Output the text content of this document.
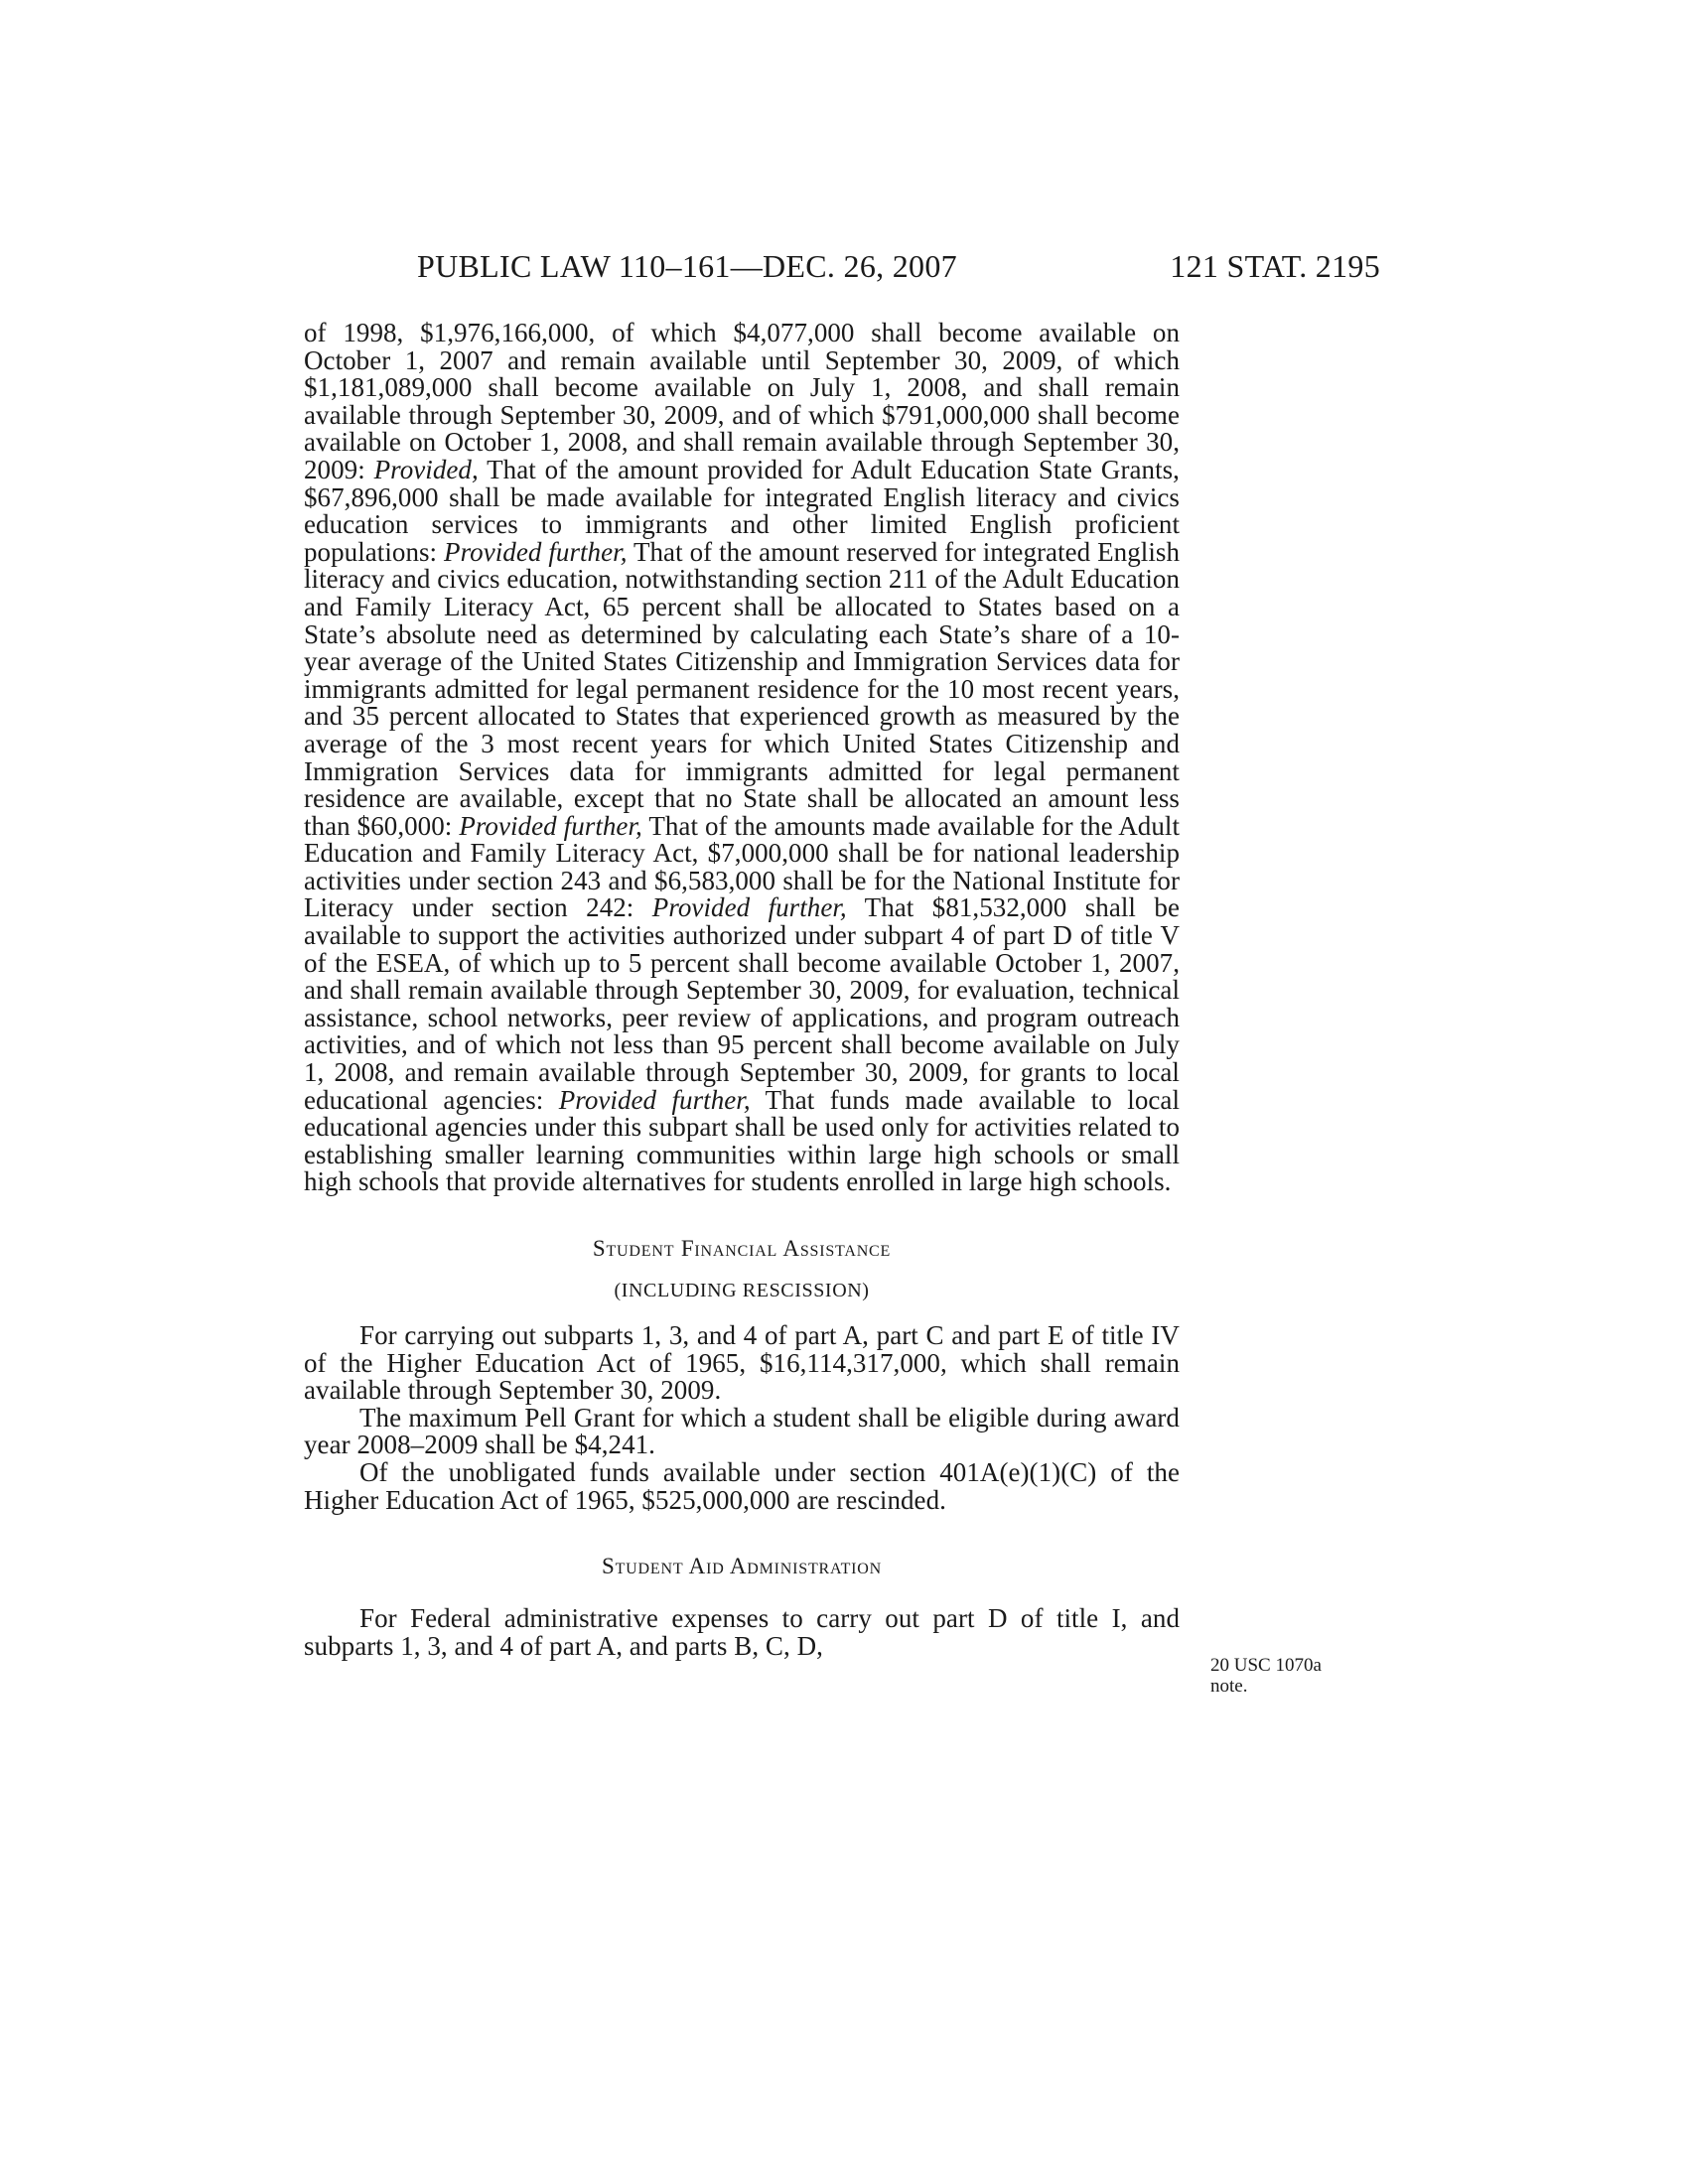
PUBLIC LAW 110–161—DEC. 26, 2007	121 STAT. 2195

of 1998, $1,976,166,000, of which $4,077,000 shall become available on October 1, 2007 and remain available until September 30, 2009, of which $1,181,089,000 shall become available on July 1, 2008, and shall remain available through September 30, 2009, and of which $791,000,000 shall become available on October 1, 2008, and shall remain available through September 30, 2009: Provided, That of the amount provided for Adult Education State Grants, $67,896,000 shall be made available for integrated English literacy and civics education services to immigrants and other limited English proficient populations: Provided further, That of the amount reserved for integrated English literacy and civics education, notwithstanding section 211 of the Adult Education and Family Literacy Act, 65 percent shall be allocated to States based on a State’s absolute need as determined by calculating each State’s share of a 10-year average of the United States Citizenship and Immigration Services data for immigrants admitted for legal permanent residence for the 10 most recent years, and 35 percent allocated to States that experienced growth as measured by the average of the 3 most recent years for which United States Citizenship and Immigration Services data for immigrants admitted for legal permanent residence are available, except that no State shall be allocated an amount less than $60,000: Provided further, That of the amounts made available for the Adult Education and Family Literacy Act, $7,000,000 shall be for national leadership activities under section 243 and $6,583,000 shall be for the National Institute for Literacy under section 242: Provided further, That $81,532,000 shall be available to support the activities authorized under subpart 4 of part D of title V of the ESEA, of which up to 5 percent shall become available October 1, 2007, and shall remain available through September 30, 2009, for evaluation, technical assistance, school networks, peer review of applications, and program outreach activities, and of which not less than 95 percent shall become available on July 1, 2008, and remain available through September 30, 2009, for grants to local educational agencies: Provided further, That funds made available to local educational agencies under this subpart shall be used only for activities related to establishing smaller learning communities within large high schools or small high schools that provide alternatives for students enrolled in large high schools.

Student Financial Assistance

(INCLUDING RESCISSION)

For carrying out subparts 1, 3, and 4 of part A, part C and part E of title IV of the Higher Education Act of 1965, $16,114,317,000, which shall remain available through September 30, 2009.

The maximum Pell Grant for which a student shall be eligible during award year 2008–2009 shall be $4,241.

Of the unobligated funds available under section 401A(e)(1)(C) of the Higher Education Act of 1965, $525,000,000 are rescinded.

Student Aid Administration

For Federal administrative expenses to carry out part D of title I, and subparts 1, 3, and 4 of part A, and parts B, C, D,

20 USC 1070a
note.
